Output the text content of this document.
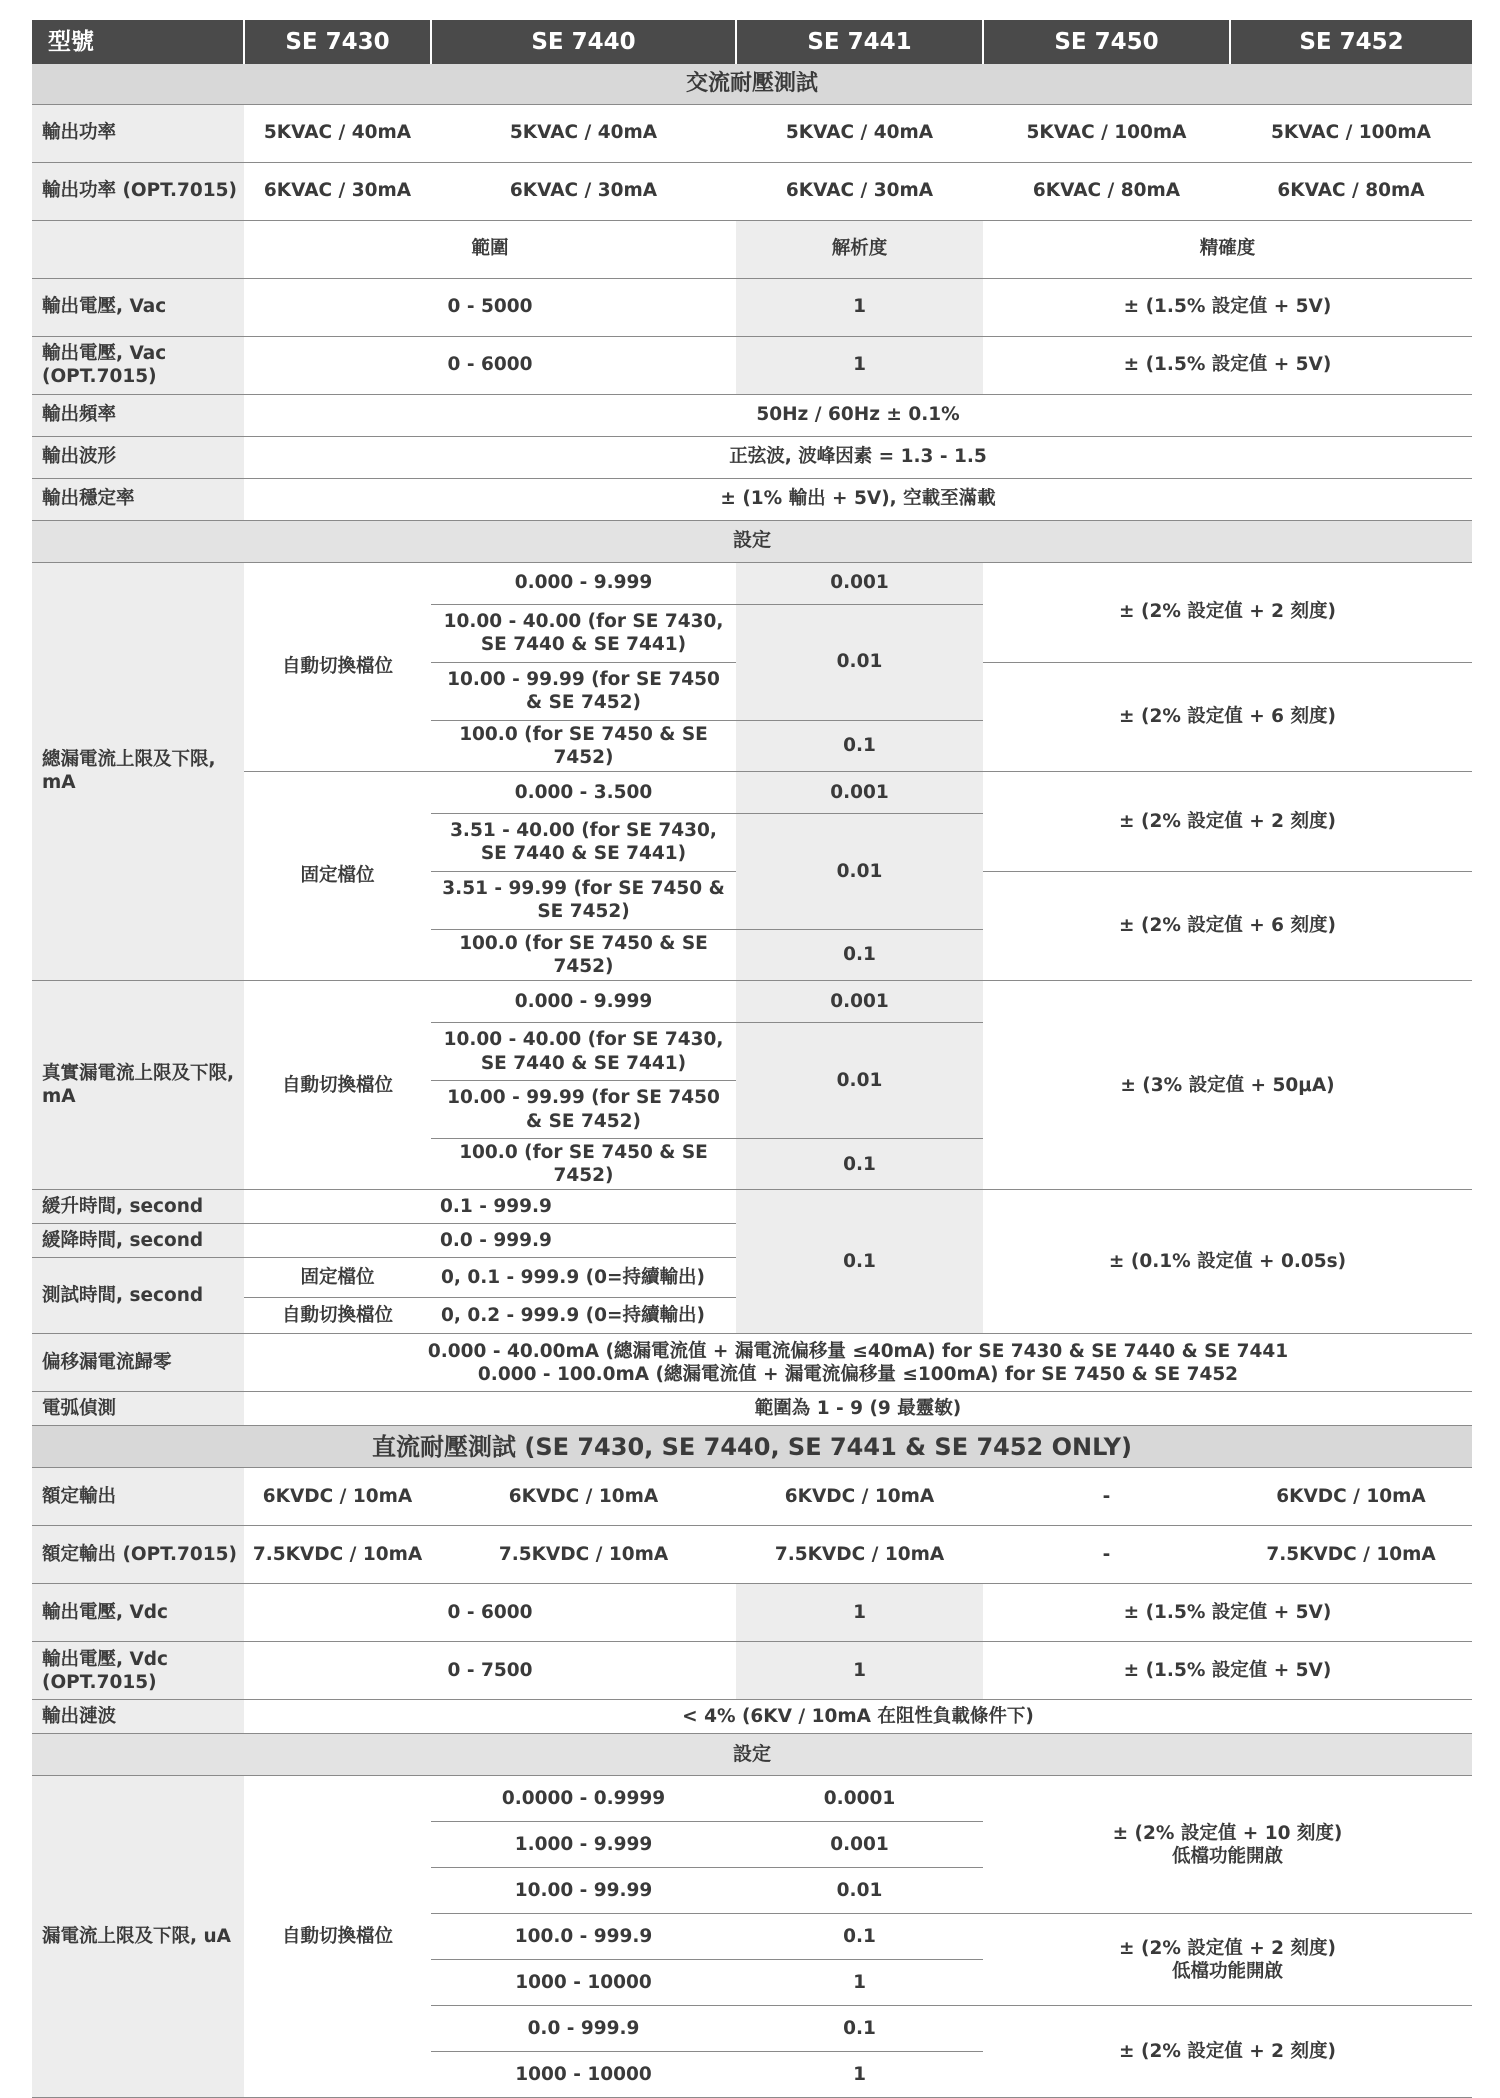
型號	SE 7430	SE 7440	SE 7441	SE 7450	SE 7452
交流耐壓測試					
輸出功率	5KVAC / 40mA	5KVAC / 40mA	5KVAC / 40mA	5KVAC / 100mA	5KVAC / 100mA
輸出功率 (OPT.7015)	6KVAC / 30mA	6KVAC / 30mA	6KVAC / 30mA	6KVAC / 80mA	6KVAC / 80mA
	範圍		解析度	精確度	
輸出電壓, Vac	0 - 5000		1	± (1.5% 設定值 + 5V)	
輸出電壓, Vac (OPT.7015)	0 - 6000		1	± (1.5% 設定值 + 5V)	
輸出頻率	50Hz / 60Hz ± 0.1%				
輸出波形	正弦波, 波峰因素 = 1.3 - 1.5				
輸出穩定率	± (1% 輸出 + 5V), 空載至滿載				
設定					
總漏電流上限及下限, mA	自動切換檔位	0.000 - 9.999	0.001	± (2% 設定值 + 2 刻度)	
		10.00 - 40.00 (for SE 7430, SE 7440 & SE 7441)	0.01		
		10.00 - 99.99 (for SE 7450 & SE 7452)		± (2% 設定值 + 6 刻度)	
		100.0 (for SE 7450 & SE 7452)	0.1		
	固定檔位	0.000 - 3.500	0.001	± (2% 設定值 + 2 刻度)	
		3.51 - 40.00 (for SE 7430, SE 7440 & SE 7441)	0.01		
		3.51 - 99.99 (for SE 7450 & SE 7452)		± (2% 設定值 + 6 刻度)	
		100.0 (for SE 7450 & SE 7452)	0.1		
真實漏電流上限及下限, mA	自動切換檔位	0.000 - 9.999	0.001	± (3% 設定值 + 50μA)	
		10.00 - 40.00 (for SE 7430, SE 7440 & SE 7441)	0.01		
		10.00 - 99.99 (for SE 7450 & SE 7452)			
		100.0 (for SE 7450 & SE 7452)	0.1		
緩升時間, second	0.1 - 999.9		0.1	± (0.1% 設定值 + 0.05s)	
緩降時間, second	0.0 - 999.9				
測試時間, second	固定檔位	0, 0.1 - 999.9 (0=持續輸出)			
	自動切換檔位	0, 0.2 - 999.9 (0=持續輸出)			
偏移漏電流歸零	0.000 - 40.00mA (總漏電流值 + 漏電流偏移量 ≤40mA) for SE 7430 & SE 7440 & SE 7441
0.000 - 100.0mA (總漏電流值 + 漏電流偏移量 ≤100mA) for SE 7450 & SE 7452				

電弧偵測	範圍為 1 - 9 (9 最靈敏)				
直流耐壓測試 (SE 7430, SE 7440, SE 7441 & SE 7452 ONLY)					
額定輸出	6KVDC / 10mA	6KVDC / 10mA	6KVDC / 10mA	-	6KVDC / 10mA
額定輸出 (OPT.7015)	7.5KVDC / 10mA	7.5KVDC / 10mA	7.5KVDC / 10mA	-	7.5KVDC / 10mA
輸出電壓, Vdc	0 - 6000		1	± (1.5% 設定值 + 5V)	
輸出電壓, Vdc (OPT.7015)	0 - 7500		1	± (1.5% 設定值 + 5V)	
輸出漣波	< 4% (6KV / 10mA 在阻性負載條件下)				
設定					
漏電流上限及下限, uA	自動切換檔位	0.0000 - 0.9999	0.0001	± (2% 設定值 + 10 刻度)
低檔功能開啟	

		1.000 - 9.999	0.001		
		10.00 - 99.99	0.01		
		100.0 - 999.9	0.1	± (2% 設定值 + 2 刻度)
低檔功能開啟	

		1000 - 10000	1		
		0.0 - 999.9	0.1	± (2% 設定值 + 2 刻度)	
		1000 - 10000	1		
